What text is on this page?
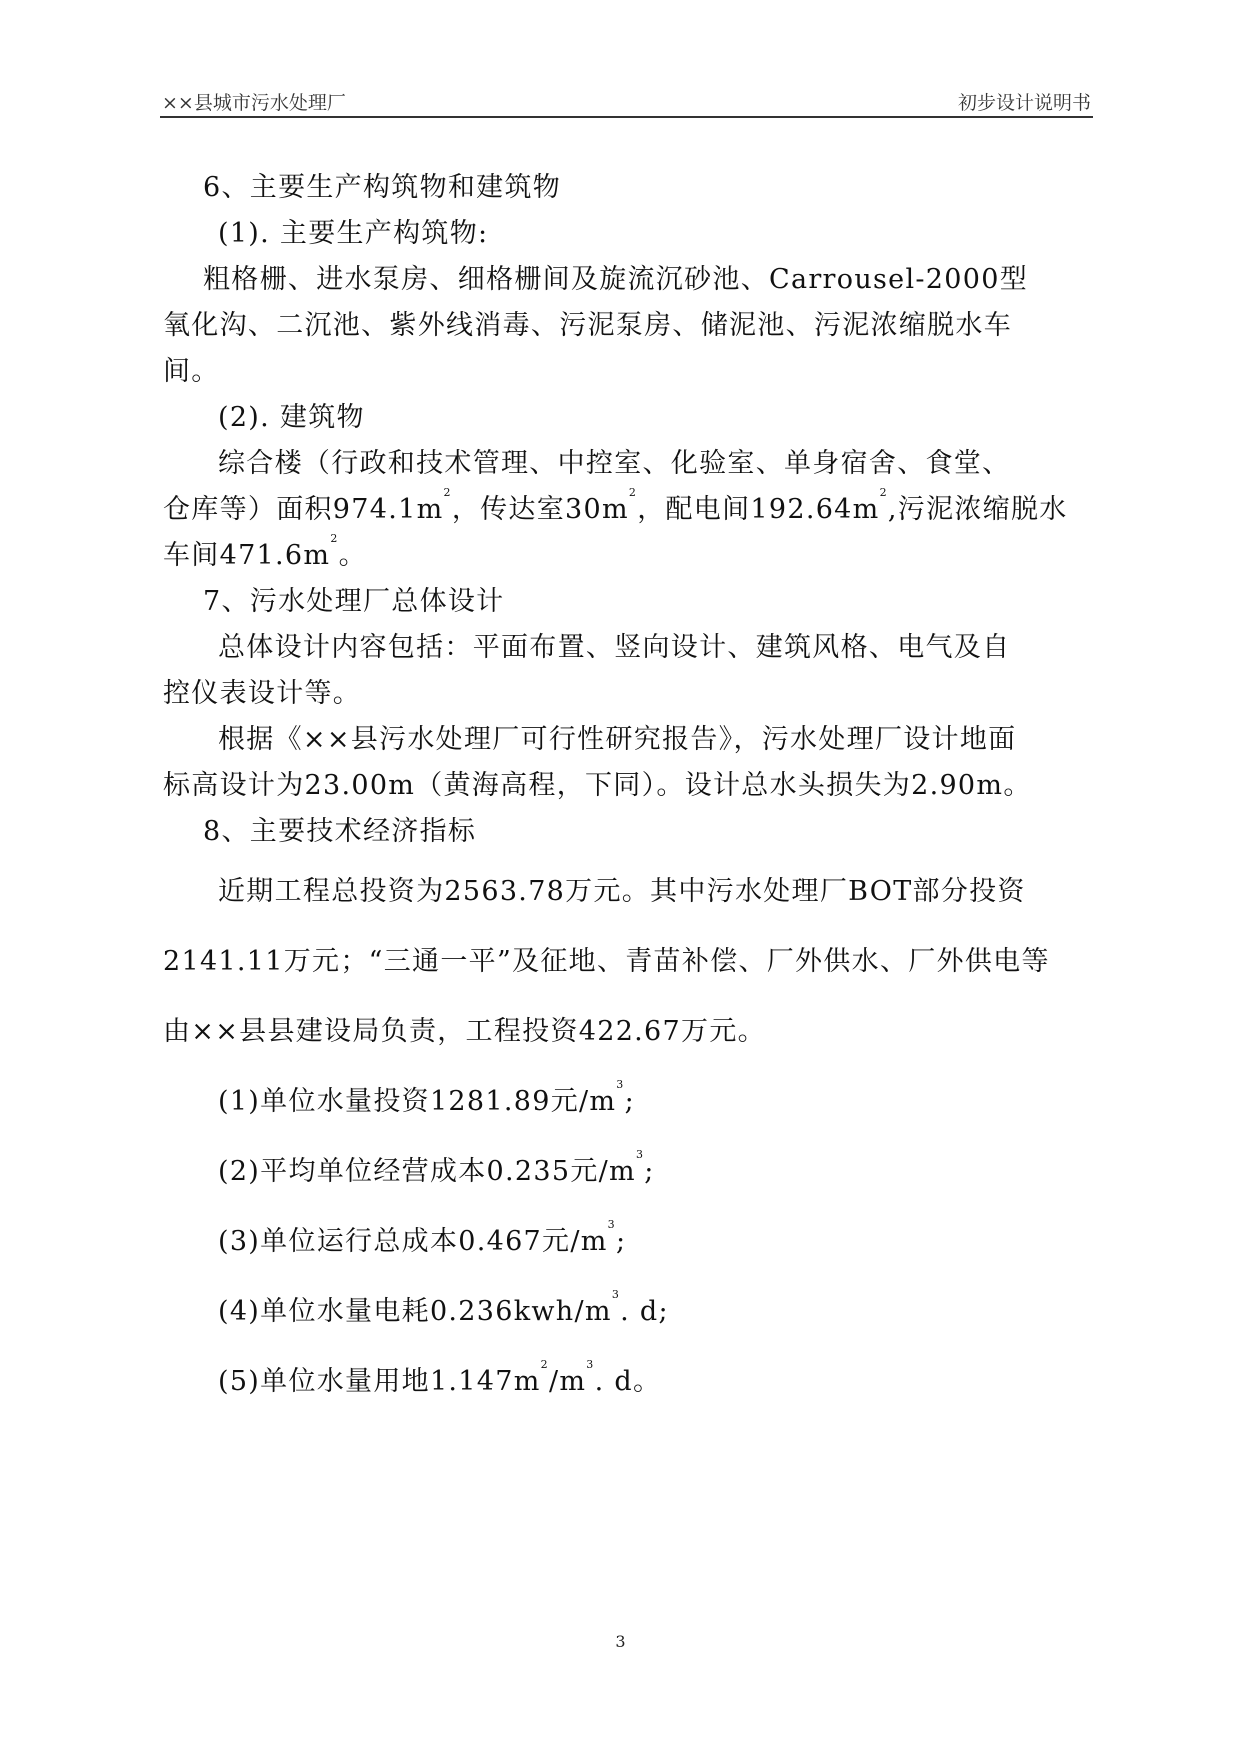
××县城市污水处理厂	初步设计说明书
6、主要生产构筑物和建筑物
(1). 主要生产构筑物:
粗格栅、进水泵房、细格栅间及旋流沉砂池、Carrousel-2000型
氧化沟、二沉池、紫外线消毒、污泥泵房、储泥池、污泥浓缩脱水车
间。
(2). 建筑物
综合楼（行政和技术管理、中控室、化验室、单身宿舍、食堂、
仓库等）面积$974.1m^2$，传达室$30m^2$，配电间$192.64m^2$,污泥浓缩脱水
车间$471.6m^2$。
7、污水处理厂总体设计
总体设计内容包括：平面布置、竖向设计、建筑风格、电气及自
控仪表设计等。
根据《××县污水处理厂可行性研究报告》，污水处理厂设计地面
标高设计为23.00m（黄海高程，下同）。设计总水头损失为2.90m。
8、主要技术经济指标
近期工程总投资为2563.78万元。其中污水处理厂BOT部分投资
2141.11万元；“三通一平”及征地、青苗补偿、厂外供水、厂外供电等
由××县县建设局负责，工程投资422.67万元。
(1)单位水量投资1281.89元$/m^3$;
(2)平均单位经营成本0.235元$/m^3$;
(3)单位运行总成本0.467元$/m^3$;
(4)单位水量电耗$0.236kwh/m^3$. d;
(5)单位水量用地$1.147m^2/m^3$. d。
3
